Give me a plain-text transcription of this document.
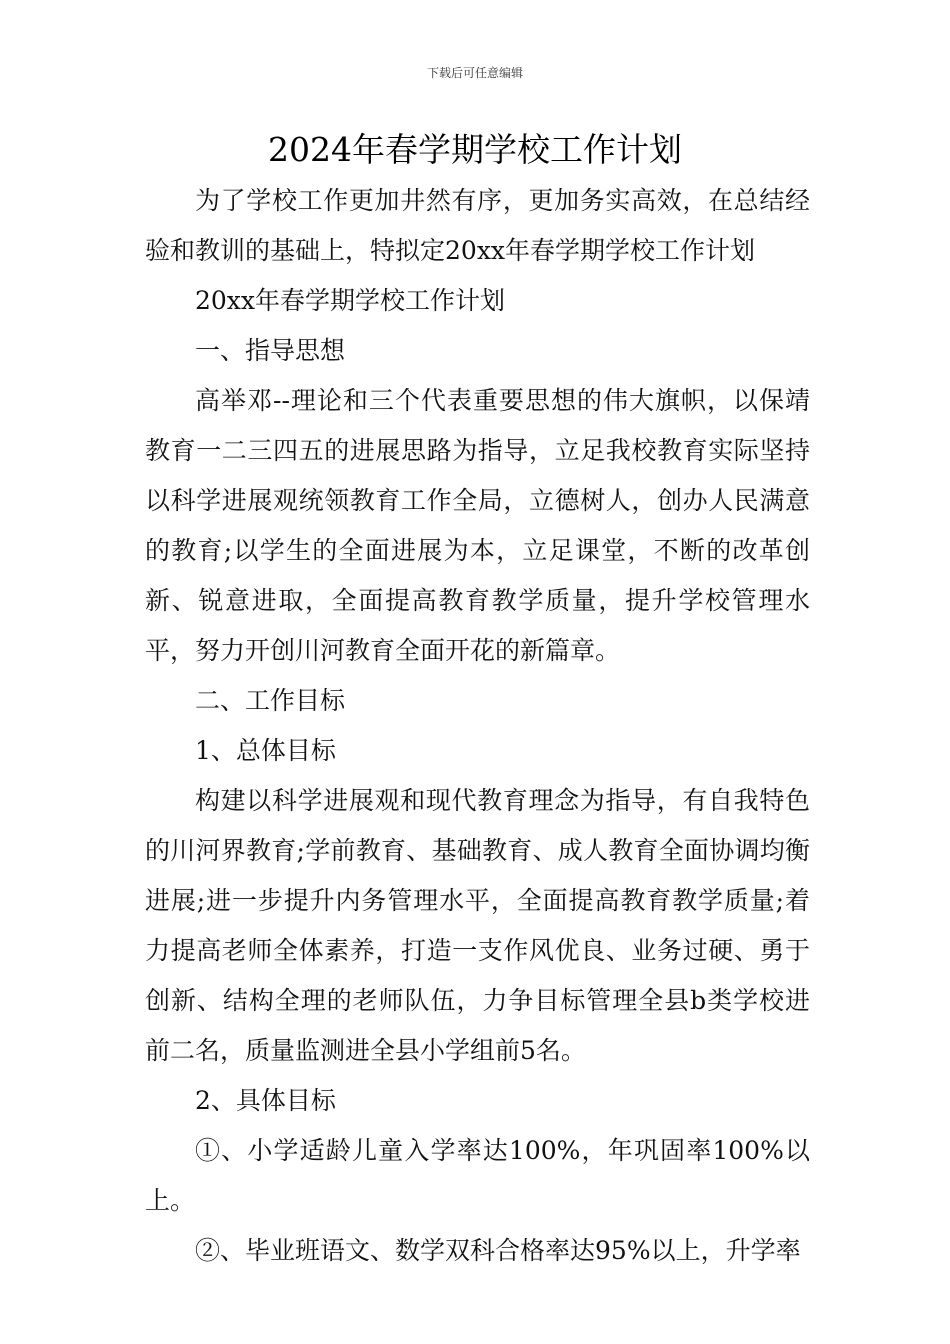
下载后可任意编辑
2024年春学期学校工作计划

为了学校工作更加井然有序，更加务实高效，在总结经验和教训的基础上，特拟定20xx年春学期学校工作计划

20xx年春学期学校工作计划

一、指导思想

高举邓--理论和三个代表重要思想的伟大旗帜，以保靖教育一二三四五的进展思路为指导，立足我校教育实际坚持以科学进展观统领教育工作全局，立德树人，创办人民满意的教育;以学生的全面进展为本，立足课堂，不断的改革创新、锐意进取，全面提高教育教学质量，提升学校管理水平，努力开创川河教育全面开花的新篇章。

二、工作目标

1、总体目标

构建以科学进展观和现代教育理念为指导，有自我特色的川河界教育;学前教育、基础教育、成人教育全面协调均衡进展;进一步提升内务管理水平，全面提高教育教学质量;着力提高老师全体素养，打造一支作风优良、业务过硬、勇于创新、结构全理的老师队伍，力争目标管理全县b类学校进前二名，质量监测进全县小学组前5名。

2、具体目标

①、小学适龄儿童入学率达100%，年巩固率100%以上。

②、毕业班语文、数学双科合格率达95%以上，升学率
